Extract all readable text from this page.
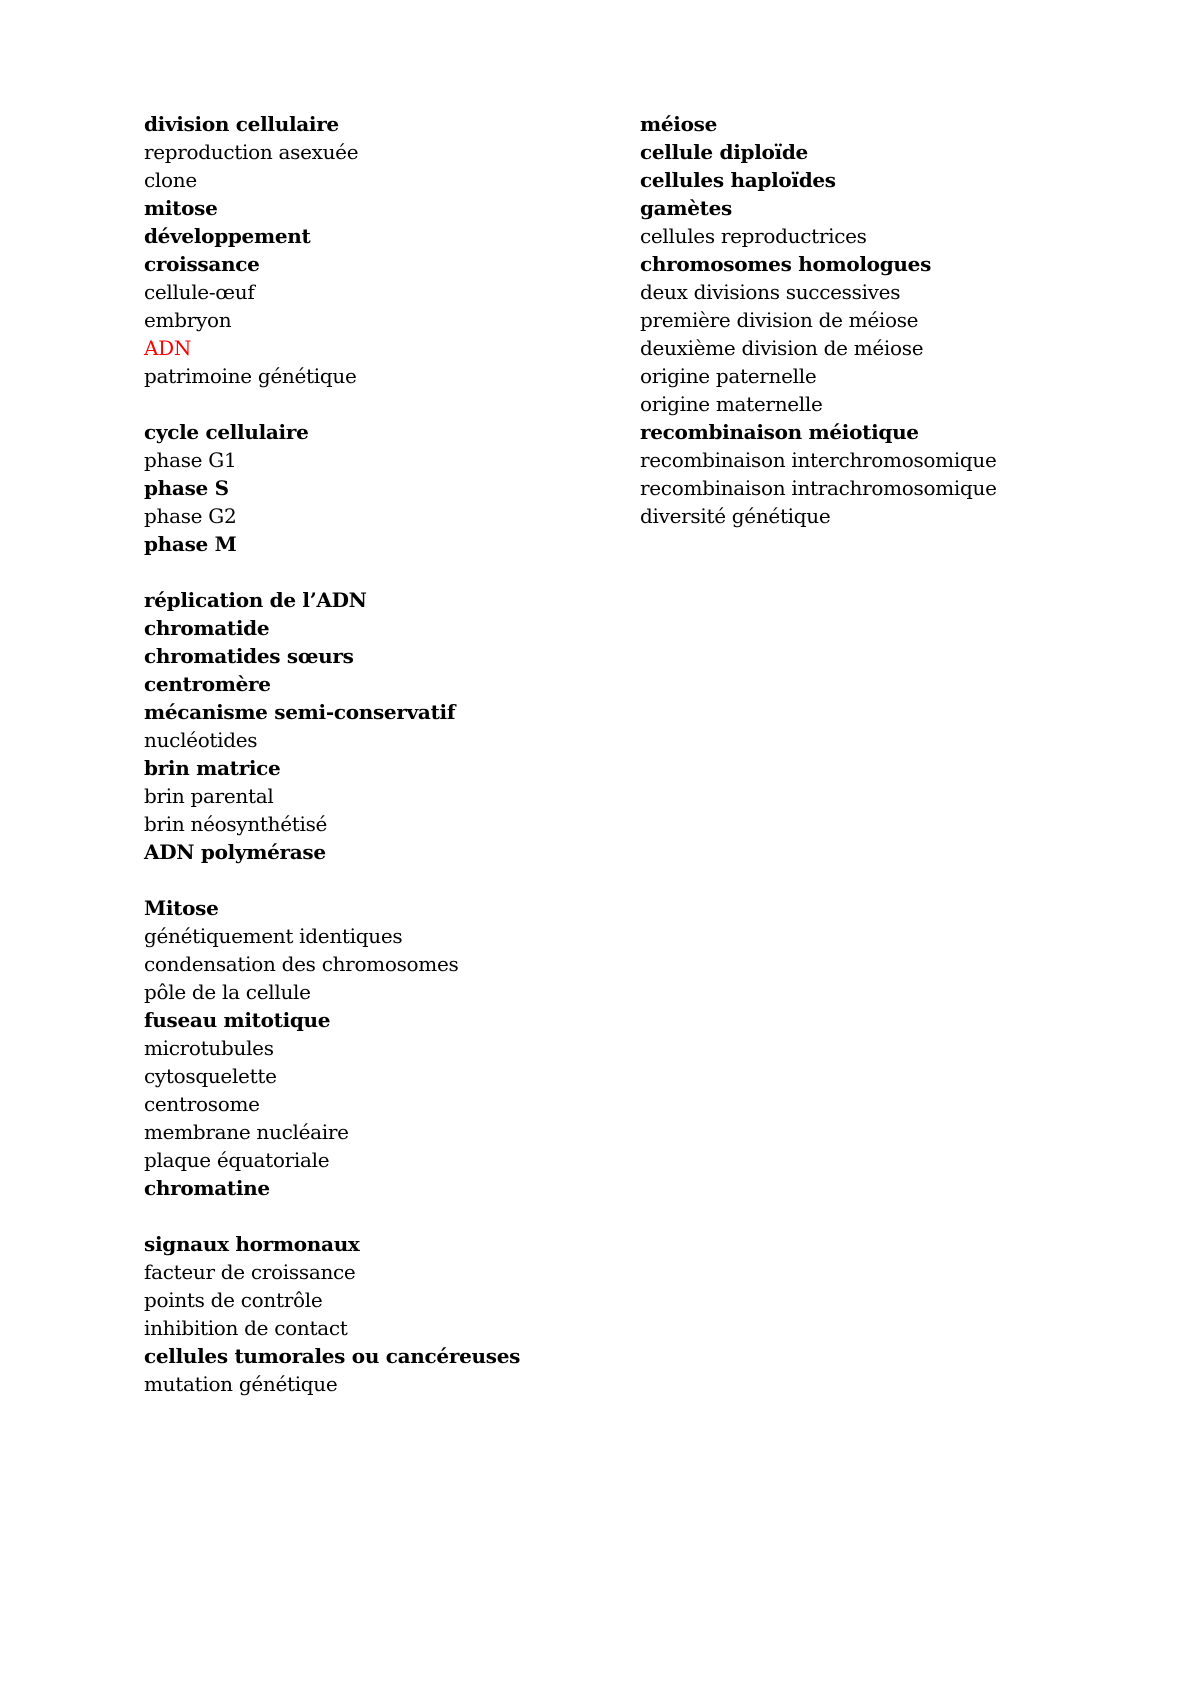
division cellulaire
reproduction asexuée
clone
mitose
développement
croissance
cellule-œuf
embryon
ADN
patrimoine génétique
cycle cellulaire
phase G1
phase S
phase G2
phase M
réplication de l’ADN
chromatide
chromatides sœurs
centromère
mécanisme semi-conservatif
nucléotides
brin matrice
brin parental
brin néosynthétisé
ADN polymérase
Mitose
génétiquement identiques
condensation des chromosomes
pôle de la cellule
fuseau mitotique
microtubules
cytosquelette
centrosome
membrane nucléaire
plaque équatoriale
chromatine
signaux hormonaux
facteur de croissance
points de contrôle
inhibition de contact
cellules tumorales ou cancéreuses
mutation génétique
méiose
cellule diploïde
cellules haploïdes
gamètes
cellules reproductrices
chromosomes homologues
deux divisions successives
première division de méiose
deuxième division de méiose
origine paternelle
origine maternelle
recombinaison méiotique
recombinaison interchromosomique
recombinaison intrachromosomique
diversité génétique
